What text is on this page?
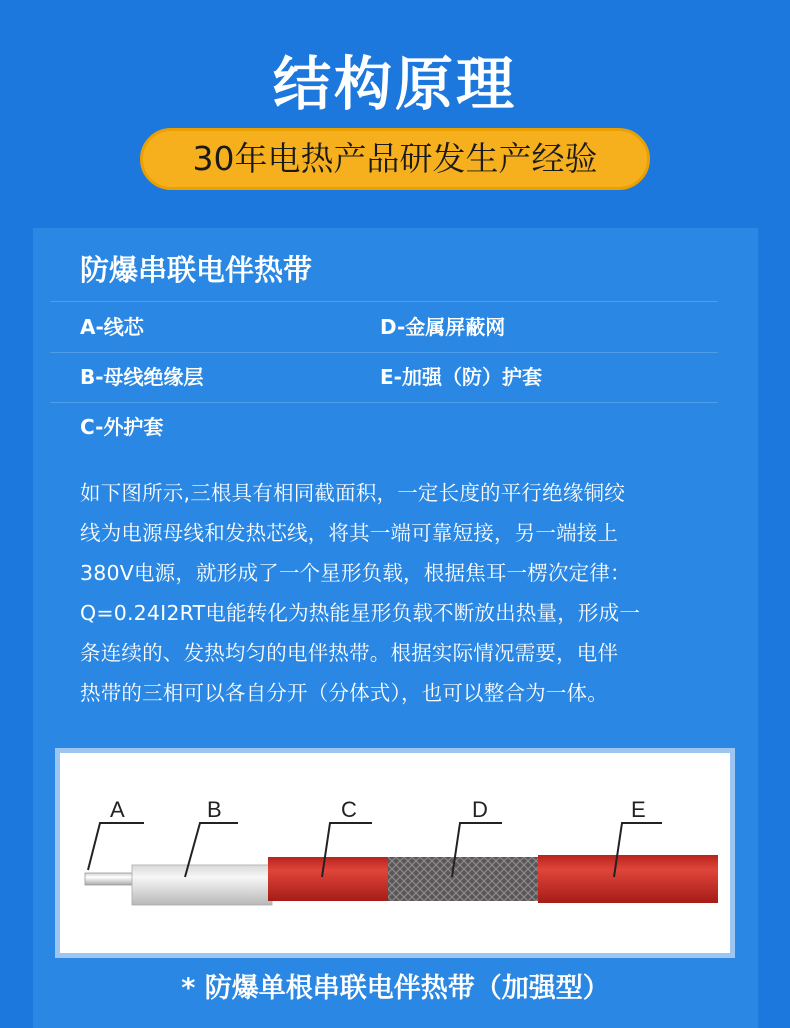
结构原理
30年电热产品研发生产经验
防爆串联电伴热带
A-线芯	D-金属屏蔽网
B-母线绝缘层	E-加强（防）护套
C-外护套
如下图所示,三根具有相同截面积，一定长度的平行绝缘铜绞
线为电源母线和发热芯线，将其一端可靠短接，另一端接上
380V电源，就形成了一个星形负载，根据焦耳一楞次定律：
Q=0.24I2RT电能转化为热能星形负载不断放出热量，形成一
条连续的、发热均匀的电伴热带。根据实际情况需要，电伴
热带的三相可以各自分开（分体式），也可以整合为一体。
A	B	C	D	E
* 防爆单根串联电伴热带（加强型）
